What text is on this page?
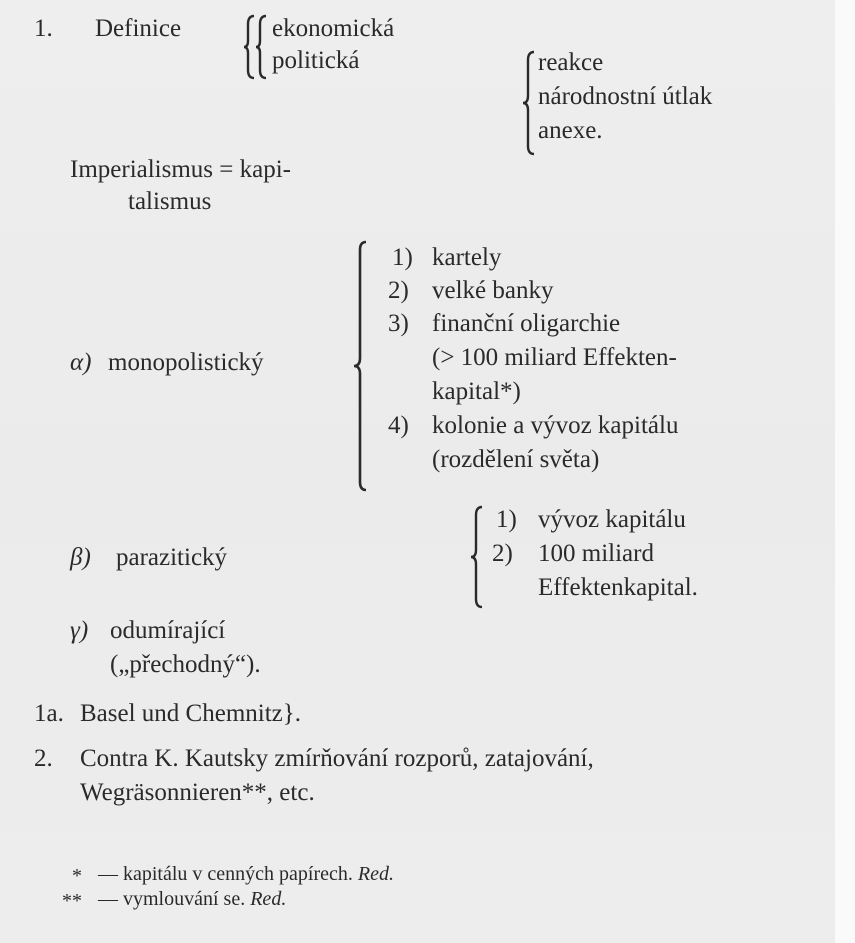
1. Definice	ekonomická
politická	reakce
národnostní útlak
anexe.
Imperialismus = kapi-
talismus
α) monopolistický
1) kartely
2) velké banky
3) finanční oligarchie
(> 100 miliard Effekten-
kapital*)
4) kolonie a vývoz kapitálu
(rozdělení světa)
β) parazitický
1) vývoz kapitálu
2) 100 miliard
Effektenkapital.
γ) odumírající
(„přechodný“).
1a. Basel und Chemnitz}.
2. Contra K. Kautsky zmírňování rozporů, zatajování,
Wegräsonnieren**, etc.
* — kapitálu v cenných papírech. Red.
** — vymlouvání se. Red.
